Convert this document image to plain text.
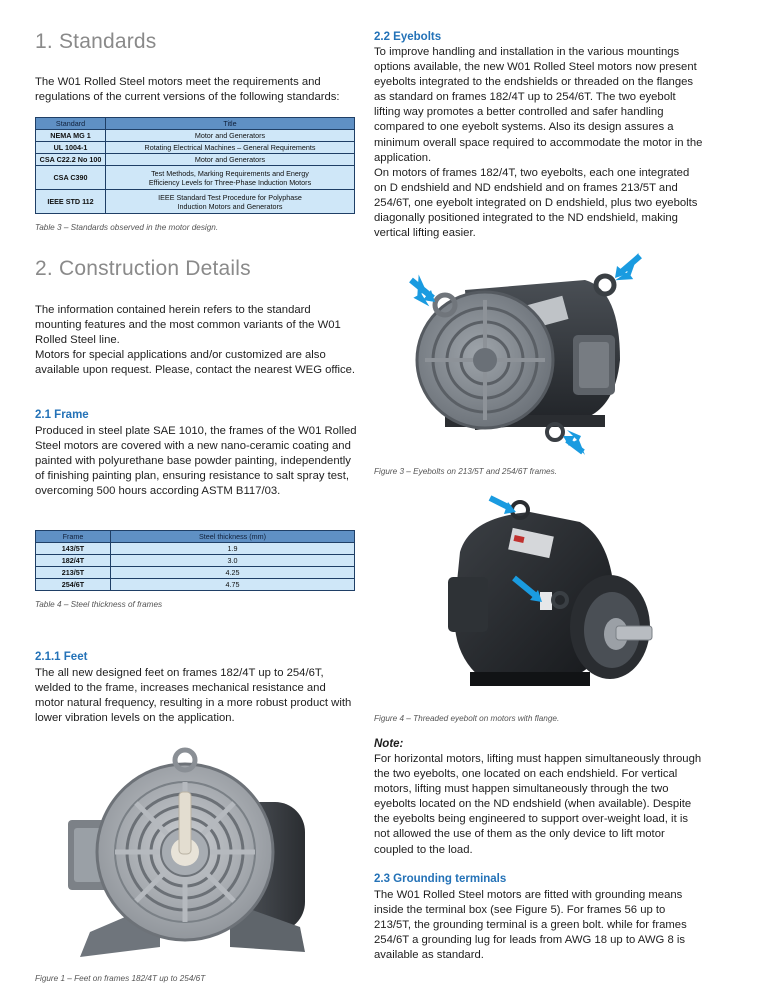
1. Standards
The W01 Rolled Steel motors meet the requirements and regulations of the current versions of the following standards:
Standard	Title
NEMA MG 1	Motor and Generators
UL 1004-1	Rotating Electrical Machines – General Requirements
CSA C22.2 No 100	Motor and Generators
CSA C390	Test Methods, Marking Requirements and Energy Efficiency Levels for Three-Phase Induction Motors
IEEE STD 112	IEEE Standard Test Procedure for Polyphase Induction Motors and Generators
Table 3 – Standards observed in the motor design.
2. Construction Details
The information contained herein refers to the standard mounting features and the most common variants of the W01 Rolled Steel line.
Motors for special applications and/or customized are also available upon request. Please, contact the nearest WEG office.
2.1 Frame
Produced in steel plate SAE 1010, the frames of the W01 Rolled Steel motors are covered with a new nano-ceramic coating and painted with polyurethane base powder painting, independently of finishing painting plan, ensuring resistance to salt spray test, overcoming 500 hours according ASTM B117/03.
Frame	Steel thickness (mm)
143/5T	1.9
182/4T	3.0
213/5T	4.25
254/6T	4.75
Table 4 – Steel thickness of frames
2.1.1 Feet
The all new designed feet on frames 182/4T up to 254/6T, welded to the frame, increases mechanical resistance and motor natural frequency, resulting in a more robust product with lower vibration levels on the application.
Figure 1 – Feet on frames 182/4T up to 254/6T
2.2 Eyebolts
To improve handling and installation in the various mountings options available, the new W01 Rolled Steel motors now present eyebolts integrated to the endshields or threaded on the flanges as standard on frames 182/4T up to 254/6T. The two eyebolt lifting way promotes a better controlled and safer handling compared to one eyebolt systems. Also its design assures a minimum overall space required to accommodate the motor in the application.
On motors of frames 182/4T, two eyebolts, each one integrated on D endshield and ND endshield and on frames 213/5T and 254/6T, one eyebolt integrated on D endshield, plus two eyebolts diagonally positioned integrated to the ND endshield, making vertical lifting easier.
Figure 3 – Eyebolts on 213/5T and 254/6T frames.
Figure 4 – Threaded eyebolt on motors with flange.
Note:
For horizontal motors, lifting must happen simultaneously through the two eyebolts, one located on each endshield. For vertical motors, lifting must happen simultaneously through the two eyebolts located on the ND endshield (when available). Despite the eyebolts being engineered to support over-weight load, it is not allowed the use of them as the only device to lift motor coupled to the load.
2.3 Grounding terminals
The W01 Rolled Steel motors are fitted with grounding means inside the terminal box (see Figure 5). For frames 56 up to 213/5T, the grounding terminal is a green bolt. while for frames 254/6T a grounding lug for leads from AWG 18 up to AWG 8 is available as standard.
